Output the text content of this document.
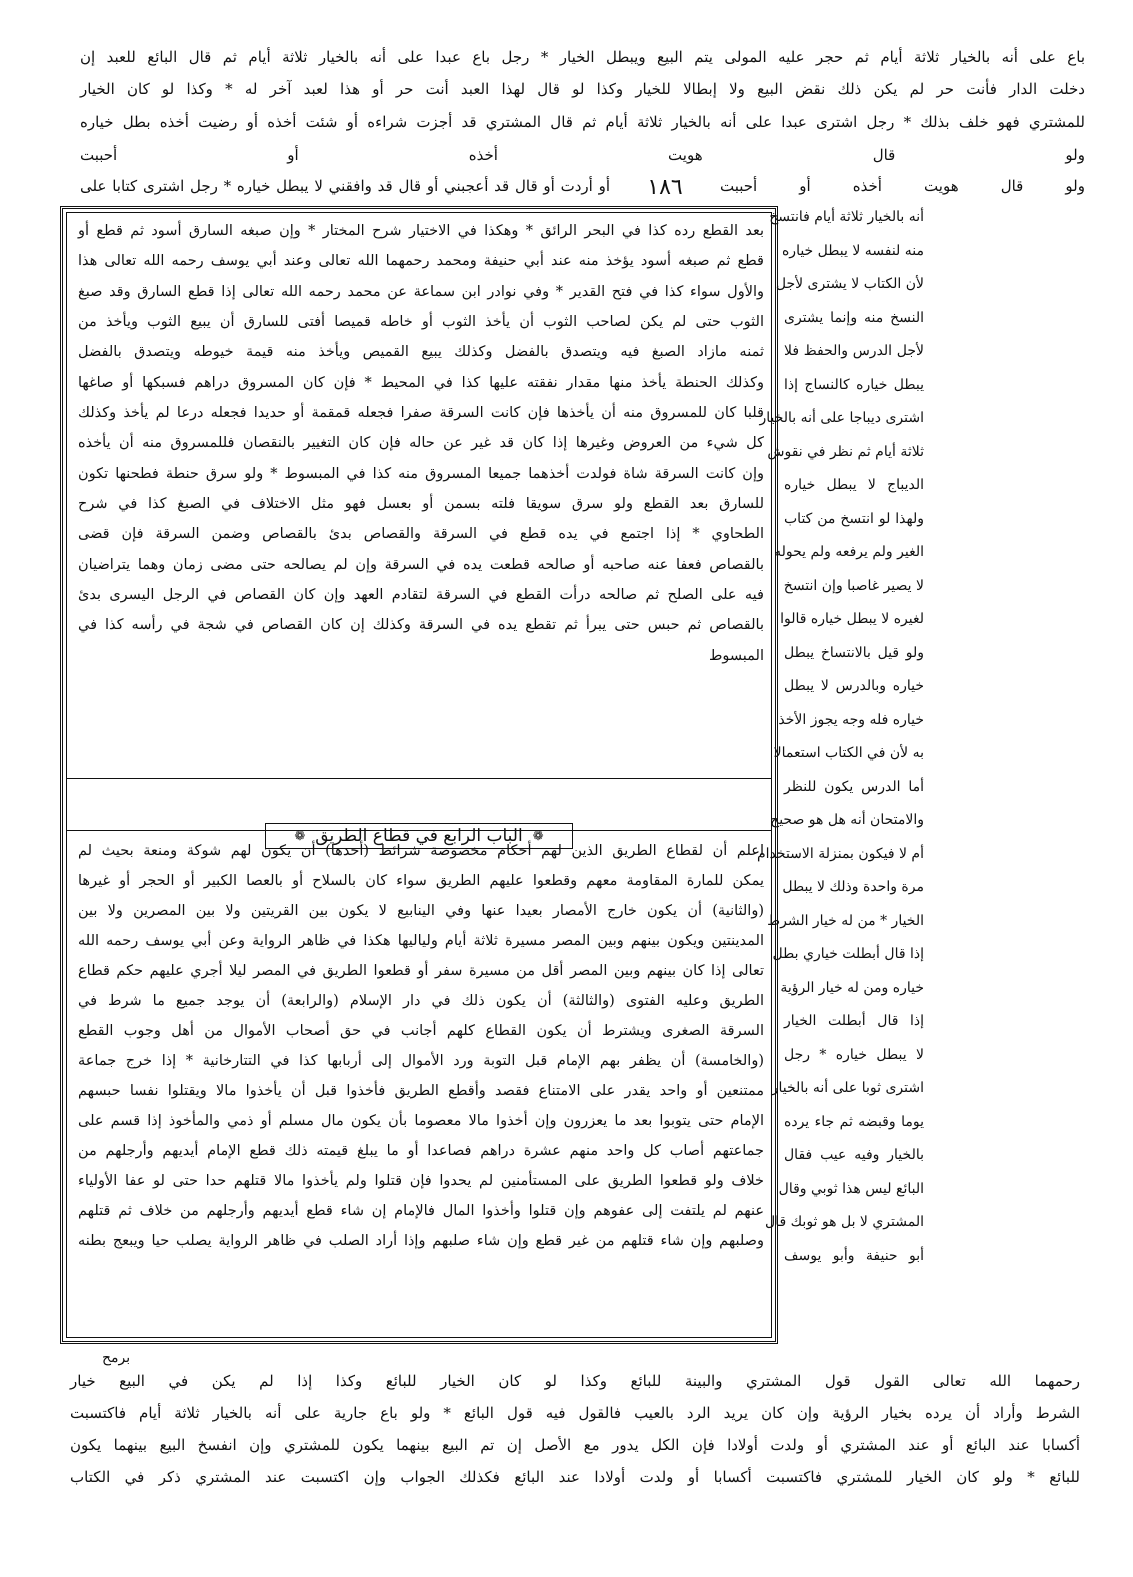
باع على أنه بالخيار ثلاثة أيام ثم حجر عليه المولى يتم البيع ويبطل الخيار * رجل باع عبدا على أنه بالخيار ثلاثة أيام ثم قال البائع للعبد إن
دخلت الدار فأنت حر لم يكن ذلك نقض البيع ولا إبطالا للخيار وكذا لو قال لهذا العبد أنت حر أو هذا لعبد آخر له * وكذا لو كان الخيار
للمشتري فهو خلف بذلك * رجل اشترى عبدا على أنه بالخيار ثلاثة أيام ثم قال المشتري قد أجزت شراءه أو شئت أخذه أو رضيت أخذه بطل خياره
ولو قال هويت أخذه أو أحببت
ولو قال هويت أخذه أو أحببت
أو أردت أو قال قد أعجبني أو قال قد وافقني لا يبطل خياره * رجل اشترى كتابا على	١٨٦
بعد القطع رده كذا في البحر الرائق * وهكذا في الاختيار شرح المختار * وإن صبغه السارق أسود ثم قطع أو
قطع ثم صبغه أسود يؤخذ منه عند أبي حنيفة ومحمد رحمهما الله تعالى وعند أبي يوسف رحمه الله تعالى هذا
والأول سواء كذا في فتح القدير * وفي نوادر ابن سماعة عن محمد رحمه الله تعالى إذا قطع السارق وقد صبغ
الثوب حتى لم يكن لصاحب الثوب أن يأخذ الثوب أو خاطه قميصا أفتى للسارق أن يبيع الثوب ويأخذ من
ثمنه مازاد الصبغ فيه ويتصدق بالفضل وكذلك يبيع القميص ويأخذ منه قيمة خيوطه ويتصدق بالفضل
وكذلك الحنطة يأخذ منها مقدار نفقته عليها كذا في المحيط * فإن كان المسروق دراهم فسبكها أو صاغها
قلبا كان للمسروق منه أن يأخذها فإن كانت السرقة صفرا فجعله قمقمة أو حديدا فجعله درعا لم يأخذ وكذلك
كل شيء من العروض وغيرها إذا كان قد غير عن حاله فإن كان التغيير بالنقصان فللمسروق منه أن يأخذه
وإن كانت السرقة شاة فولدت أخذهما جميعا المسروق منه كذا في المبسوط * ولو سرق حنطة فطحنها تكون
للسارق بعد القطع ولو سرق سويقا فلته بسمن أو بعسل فهو مثل الاختلاف في الصبغ كذا في شرح
الطحاوي * إذا اجتمع في يده قطع في السرقة والقصاص بدئ بالقصاص وضمن السرقة فإن قضى
بالقصاص فعفا عنه صاحبه أو صالحه قطعت يده في السرقة وإن لم يصالحه حتى مضى زمان وهما يتراضيان
فيه على الصلح ثم صالحه درأت القطع في السرقة لتقادم العهد وإن كان القصاص في الرجل اليسرى بدئ
بالقصاص ثم حبس حتى يبرأ ثم تقطع يده في السرقة وكذلك إن كان القصاص في شجة في رأسه كذا في
المبسوط
❁
الباب الرابع في قطاع الطريق
❁
اعلم أن لقطاع الطريق الذين لهم أحكام مخصوصة شرائط (أحدها) أن يكون لهم شوكة ومنعة بحيث لم
يمكن للمارة المقاومة معهم وقطعوا عليهم الطريق سواء كان بالسلاح أو بالعصا الكبير أو الحجر أو غيرها
(والثانية) أن يكون خارج الأمصار بعيدا عنها وفي الينابيع لا يكون بين القريتين ولا بين المصرين ولا بين
المدينتين ويكون بينهم وبين المصر مسيرة ثلاثة أيام ولياليها هكذا في ظاهر الرواية وعن أبي يوسف رحمه الله
تعالى إذا كان بينهم وبين المصر أقل من مسيرة سفر أو قطعوا الطريق في المصر ليلا أجري عليهم حكم قطاع
الطريق وعليه الفتوى (والثالثة) أن يكون ذلك في دار الإسلام (والرابعة) أن يوجد جميع ما شرط في
السرقة الصغرى ويشترط أن يكون القطاع كلهم أجانب في حق أصحاب الأموال من أهل وجوب القطع
(والخامسة) أن يظفر بهم الإمام قبل التوبة ورد الأموال إلى أربابها كذا في التتارخانية * إذا خرج جماعة
ممتنعين أو واحد يقدر على الامتناع فقصد وأقطع الطريق فأخذوا قبل أن يأخذوا مالا ويقتلوا نفسا حبسهم
الإمام حتى يتوبوا بعد ما يعزرون وإن أخذوا مالا معصوما بأن يكون مال مسلم أو ذمي والمأخوذ إذا قسم على
جماعتهم أصاب كل واحد منهم عشرة دراهم فصاعدا أو ما يبلغ قيمته ذلك قطع الإمام أيديهم وأرجلهم من
خلاف ولو قطعوا الطريق على المستأمنين لم يحدوا فإن قتلوا ولم يأخذوا مالا قتلهم حدا حتى لو عفا الأولياء
عنهم لم يلتفت إلى عفوهم وإن قتلوا وأخذوا المال فالإمام إن شاء قطع أيديهم وأرجلهم من خلاف ثم قتلهم
وصلبهم وإن شاء قتلهم من غير قطع وإن شاء صلبهم وإذا أراد الصلب في ظاهر الرواية يصلب حيا ويبعج بطنه
أنه بالخيار ثلاثة أيام فانتسخ
منه لنفسه لا يبطل خياره
لأن الكتاب لا يشترى لأجل
النسخ منه وإنما يشترى
لأجل الدرس والحفظ فلا
يبطل خياره كالنساج إذا
اشترى ديباجا على أنه بالخيار
ثلاثة أيام ثم نظر في نقوش
الديباج لا يبطل خياره
ولهذا لو انتسخ من كتاب
الغير ولم يرفعه ولم يحوله
لا يصير غاصبا وإن انتسخ
لغيره لا يبطل خياره قالوا
ولو قيل بالانتساخ يبطل
خياره وبالدرس لا يبطل
خياره فله وجه يجوز الأخذ
به لأن في الكتاب استعمالا
أما الدرس يكون للنظر
والامتحان أنه هل هو صحيح
أم لا فيكون بمنزلة الاستخدام
مرة واحدة وذلك لا يبطل
الخيار * من له خيار الشرط
إذا قال أبطلت خياري بطل
خياره ومن له خيار الرؤية
إذا قال أبطلت الخيار
لا يبطل خياره * رجل
اشترى ثوبا على أنه بالخيار
يوما وقبضه ثم جاء يرده
بالخيار وفيه عيب فقال
البائع ليس هذا ثوبي وقال
المشتري لا بل هو ثوبك قال
أبو حنيفة وأبو يوسف
برمح
رحمهما الله تعالى القول قول المشتري والبينة للبائع وكذا لو كان الخيار للبائع وكذا إذا لم يكن في البيع خيار
الشرط وأراد أن يرده بخيار الرؤية وإن كان يريد الرد بالعيب فالقول فيه قول البائع * ولو باع جارية على أنه بالخيار ثلاثة أيام فاكتسبت
أكسابا عند البائع أو عند المشتري أو ولدت أولادا فإن الكل يدور مع الأصل إن تم البيع بينهما يكون للمشتري وإن انفسخ البيع بينهما يكون
للبائع * ولو كان الخيار للمشتري فاكتسبت أكسابا أو ولدت أولادا عند البائع فكذلك الجواب وإن اكتسبت عند المشتري ذكر في الكتاب
